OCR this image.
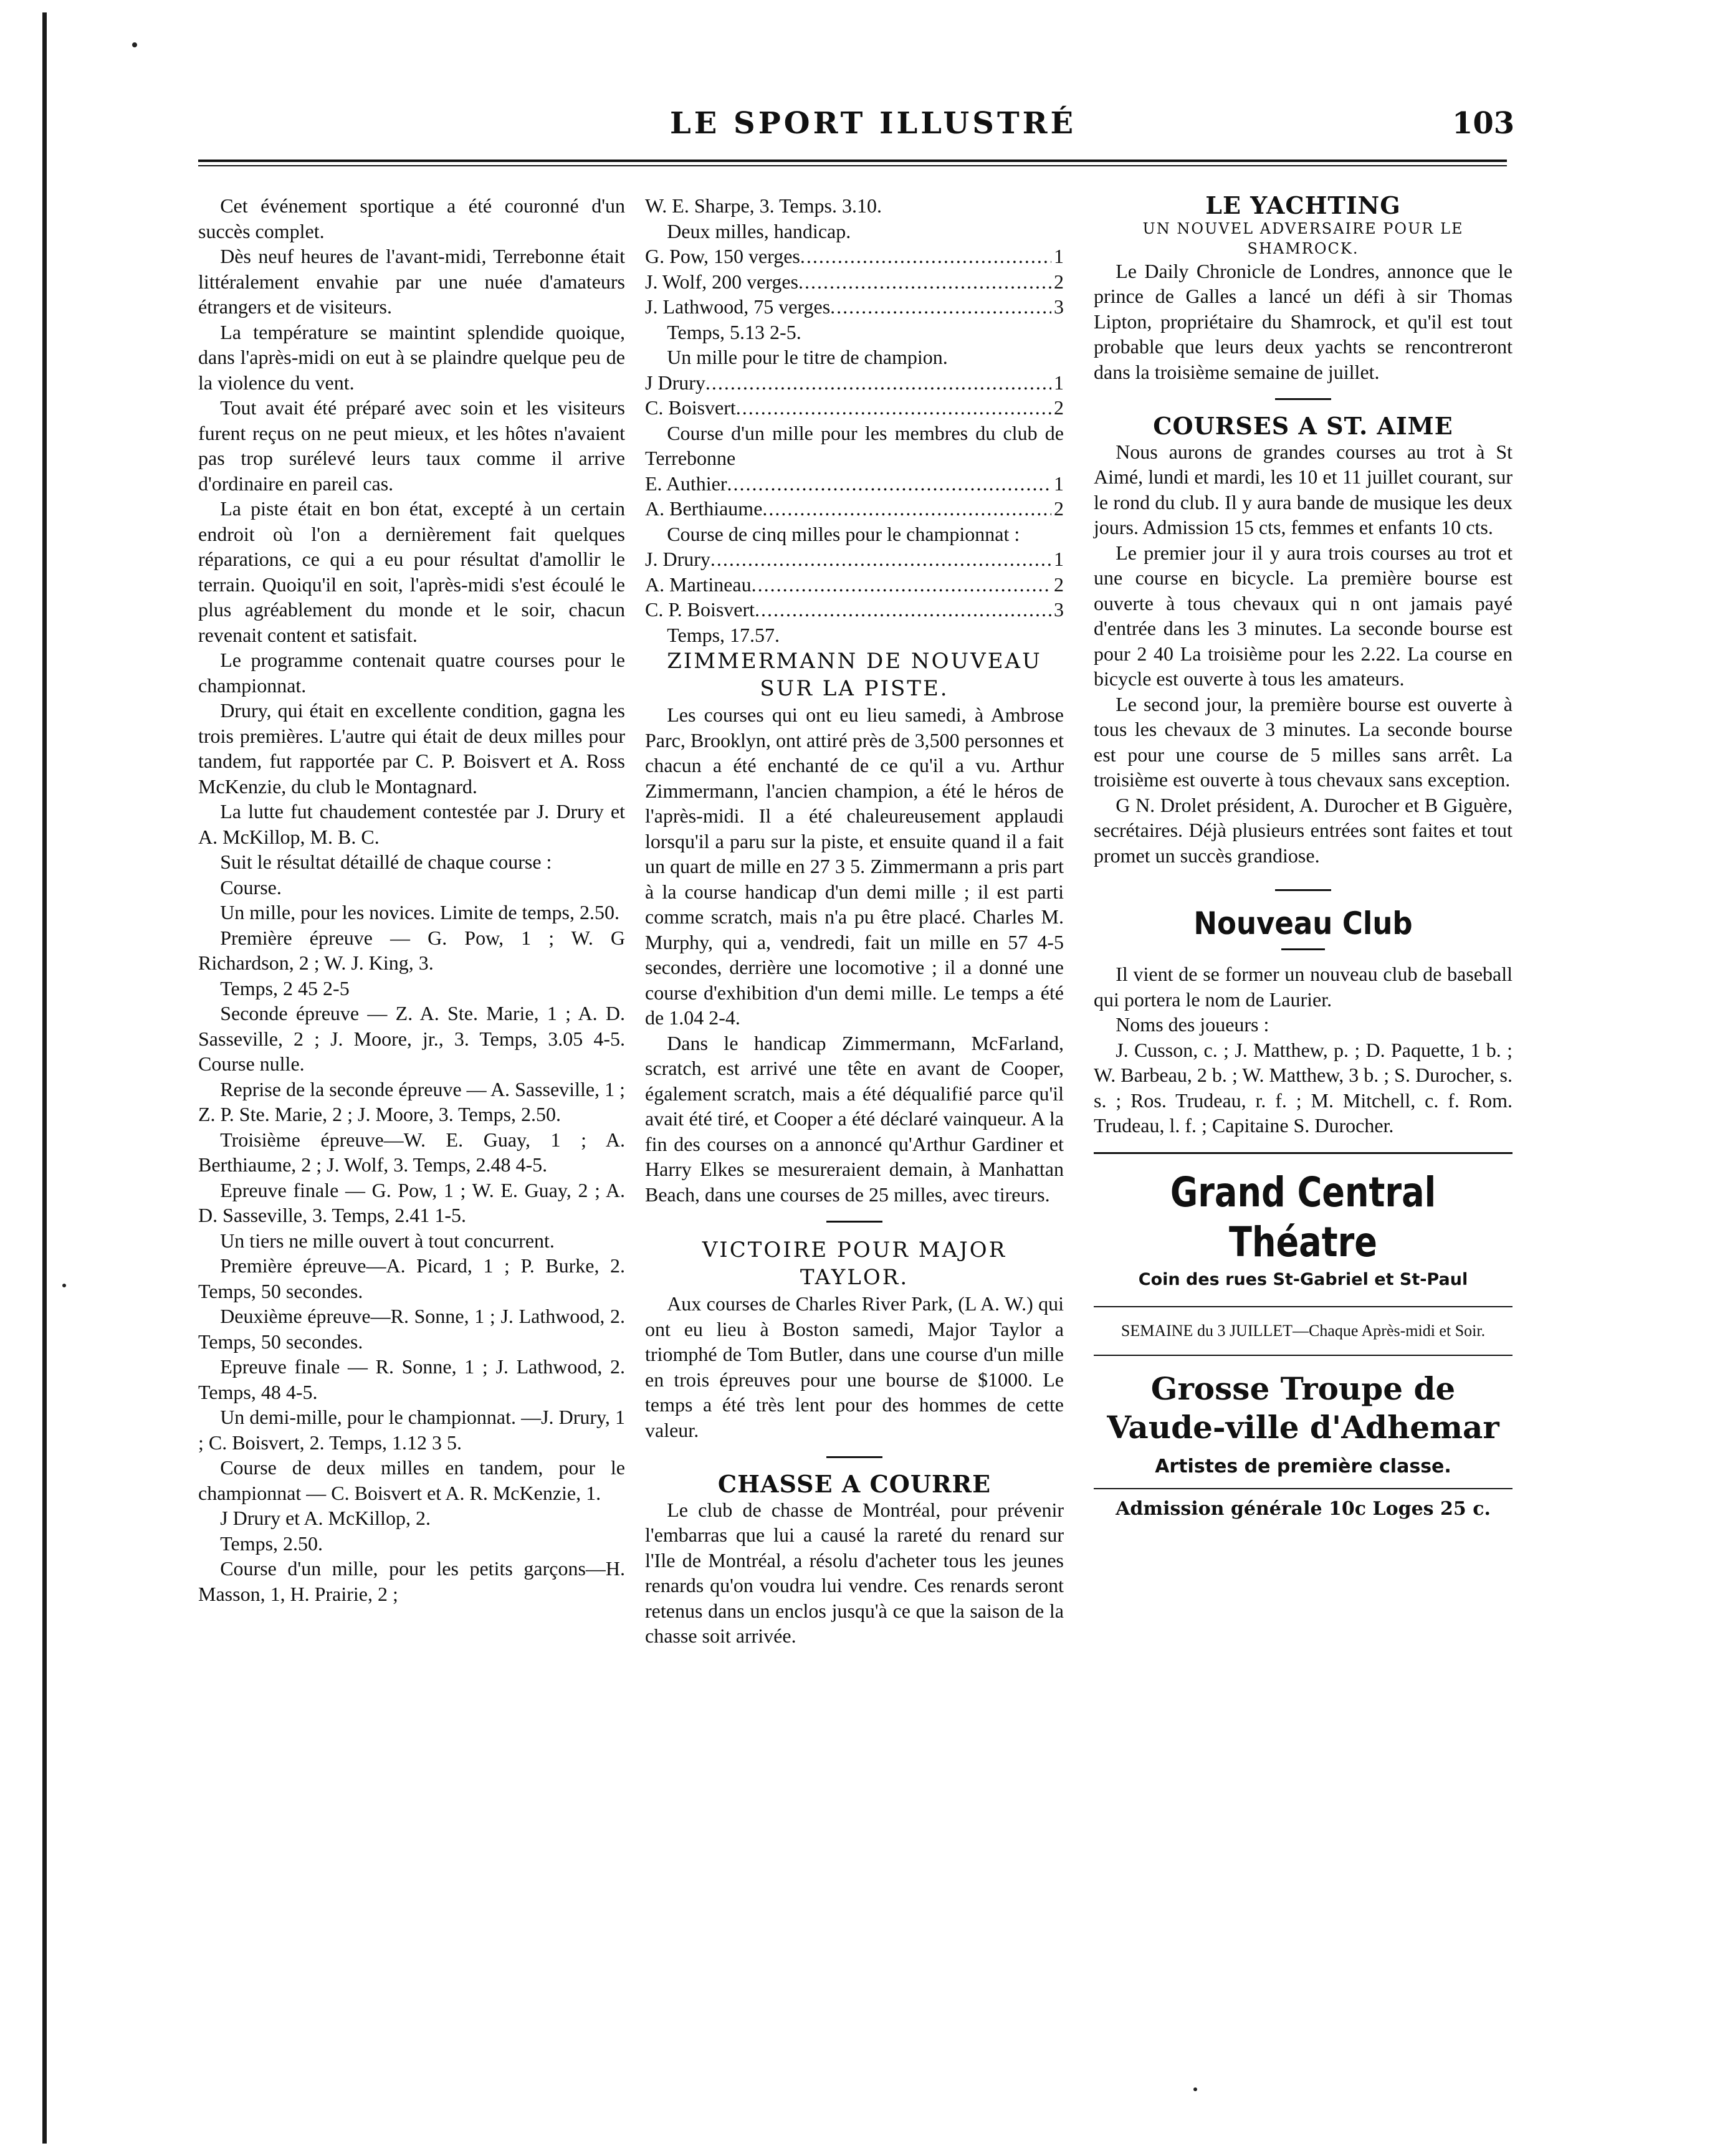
LE SPORT ILLUSTRÉ	103

Cet événement sportique a été couronné d'un succès complet.

Dès neuf heures de l'avant-midi, Terrebonne était littéralement envahie par une nuée d'amateurs étrangers et de visiteurs.

La température se maintint splendide quoique, dans l'après-midi on eut à se plaindre quelque peu de la violence du vent.

Tout avait été préparé avec soin et les visiteurs furent reçus on ne peut mieux, et les hôtes n'avaient pas trop surélevé leurs taux comme il arrive d'ordinaire en pareil cas.

La piste était en bon état, excepté à un certain endroit où l'on a dernièrement fait quelques réparations, ce qui a eu pour résultat d'amollir le terrain. Quoiqu'il en soit, l'après-midi s'est écoulé le plus agréablement du monde et le soir, chacun revenait content et satisfait.

Le programme contenait quatre courses pour le championnat.

Drury, qui était en excellente condition, gagna les trois premières. L'autre qui était de deux milles pour tandem, fut rapportée par C. P. Boisvert et A. Ross McKenzie, du club le Montagnard.

La lutte fut chaudement contestée par J. Drury et A. McKillop, M. B. C.

Suit le résultat détaillé de chaque course :

Course.

Un mille, pour les novices. Limite de temps, 2.50.

Première épreuve — G. Pow, 1 ; W. G Richardson, 2 ; W. J. King, 3.

Temps, 2 45 2-5

Seconde épreuve — Z. A. Ste. Marie, 1 ; A. D. Sasseville, 2 ; J. Moore, jr., 3. Temps, 3.05 4-5. Course nulle.

Reprise de la seconde épreuve — A. Sasseville, 1 ; Z. P. Ste. Marie, 2 ; J. Moore, 3. Temps, 2.50.

Troisième épreuve—W. E. Guay, 1 ; A. Berthiaume, 2 ; J. Wolf, 3. Temps, 2.48 4-5.

Epreuve finale — G. Pow, 1 ; W. E. Guay, 2 ; A. D. Sasseville, 3. Temps, 2.41 1-5.

Un tiers ne mille ouvert à tout concurrent.

Première épreuve—A. Picard, 1 ; P. Burke, 2. Temps, 50 secondes.

Deuxième épreuve—R. Sonne, 1 ; J. Lathwood, 2. Temps, 50 secondes.

Epreuve finale — R. Sonne, 1 ; J. Lathwood, 2. Temps, 48 4-5.

Un demi-mille, pour le championnat. —J. Drury, 1 ; C. Boisvert, 2. Temps, 1.12 3 5.

Course de deux milles en tandem, pour le championnat — C. Boisvert et A. R. McKenzie, 1.

J Drury et A. McKillop, 2.

Temps, 2.50.

Course d'un mille, pour les petits garçons—H. Masson, 1, H. Prairie, 2 ;

W. E. Sharpe, 3. Temps. 3.10.

Deux milles, handicap.

G. Pow, 150 verges .....	1

J. Wolf, 200 verges .....	2

J. Lathwood, 75 verges .....	3

Temps, 5.13 2-5.

Un mille pour le titre de champion.

J Drury .....	1

C. Boisvert .....	2

Course d'un mille pour les membres du club de Terrebonne

E. Authier .....	1

A. Berthiaume .....	2

Course de cinq milles pour le championnat :

J. Drury .....	1

A. Martineau .....	2

C. P. Boisvert .....	3

Temps, 17.57.

ZIMMERMANN DE NOUVEAU SUR LA PISTE.

Les courses qui ont eu lieu samedi, à Ambrose Parc, Brooklyn, ont attiré près de 3,500 personnes et chacun a été enchanté de ce qu'il a vu. Arthur Zimmermann, l'ancien champion, a été le héros de l'après-midi. Il a été chaleureusement applaudi lorsqu'il a paru sur la piste, et ensuite quand il a fait un quart de mille en 27 3 5. Zimmermann a pris part à la course handicap d'un demi mille ; il est parti comme scratch, mais n'a pu être placé. Charles M. Murphy, qui a, vendredi, fait un mille en 57 4-5 secondes, derrière une locomotive ; il a donné une course d'exhibition d'un demi mille. Le temps a été de 1.04 2-4.

Dans le handicap Zimmermann, McFarland, scratch, est arrivé une tête en avant de Cooper, également scratch, mais a été déqualifié parce qu'il avait été tiré, et Cooper a été déclaré vainqueur. A la fin des courses on a annoncé qu'Arthur Gardiner et Harry Elkes se mesureraient demain, à Manhattan Beach, dans une courses de 25 milles, avec tireurs.

VICTOIRE POUR MAJOR TAYLOR.

Aux courses de Charles River Park, (L A. W.) qui ont eu lieu à Boston samedi, Major Taylor a triomphé de Tom Butler, dans une course d'un mille en trois épreuves pour une bourse de $1000. Le temps a été très lent pour des hommes de cette valeur.

CHASSE A COURRE

Le club de chasse de Montréal, pour prévenir l'embarras que lui a causé la rareté du renard sur l'Ile de Montréal, a résolu d'acheter tous les jeunes renards qu'on voudra lui vendre. Ces renards seront retenus dans un enclos jusqu'à ce que la saison de la chasse soit arrivée.

LE YACHTING

UN NOUVEL ADVERSAIRE POUR LE SHAMROCK.

Le Daily Chronicle de Londres, annonce que le prince de Galles a lancé un défi à sir Thomas Lipton, propriétaire du Shamrock, et qu'il est tout probable que leurs deux yachts se rencontreront dans la troisième semaine de juillet.

COURSES A ST. AIME

Nous aurons de grandes courses au trot à St Aimé, lundi et mardi, les 10 et 11 juillet courant, sur le rond du club. Il y aura bande de musique les deux jours. Admission 15 cts, femmes et enfants 10 cts.

Le premier jour il y aura trois courses au trot et une course en bicycle. La première bourse est ouverte à tous chevaux qui n ont jamais payé d'entrée dans les 3 minutes. La seconde bourse est pour 2 40 La troisième pour les 2.22. La course en bicycle est ouverte à tous les amateurs.

Le second jour, la première bourse est ouverte à tous les chevaux de 3 minutes. La seconde bourse est pour une course de 5 milles sans arrêt. La troisième est ouverte à tous chevaux sans exception.

G N. Drolet président, A. Durocher et B Giguère, secrétaires. Déjà plusieurs entrées sont faites et tout promet un succès grandiose.

Nouveau Club

Il vient de se former un nouveau club de baseball qui portera le nom de Laurier.

Noms des joueurs :

J. Cusson, c. ; J. Matthew, p. ; D. Paquette, 1 b. ; W. Barbeau, 2 b. ; W. Matthew, 3 b. ; S. Durocher, s. s. ; Ros. Trudeau, r. f. ; M. Mitchell, c. f. Rom. Trudeau, l. f. ; Capitaine S. Durocher.

Grand Central Théatre
Coin des rues St-Gabriel et St-Paul
SEMAINE du 3 JUILLET—Chaque Après-midi et Soir.
Grosse Troupe de Vaude-ville d'Adhemar
Artistes de première classe.
Admission générale 10c Loges 25 c.
